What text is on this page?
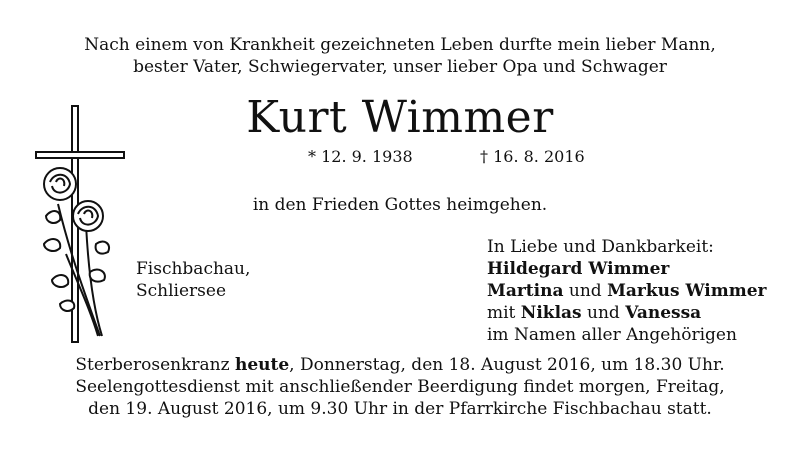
Nach einem von Krankheit gezeichneten Leben durfte mein lieber Mann,
bester Vater, Schwiegervater, unser lieber Opa und Schwager
Kurt Wimmer
* 12. 9. 1938	† 16. 8. 2016
in den Frieden Gottes heimgehen.
Fischbachau,
Schliersee
In Liebe und Dankbarkeit:
Hildegard Wimmer
Martina und Markus Wimmer
mit Niklas und Vanessa
im Namen aller Angehörigen
Sterberosenkranz heute, Donnerstag, den 18. August 2016, um 18.30 Uhr.
Seelengottesdienst mit anschließender Beerdigung findet morgen, Freitag,
den 19. August 2016, um 9.30 Uhr in der Pfarrkirche Fischbachau statt.
